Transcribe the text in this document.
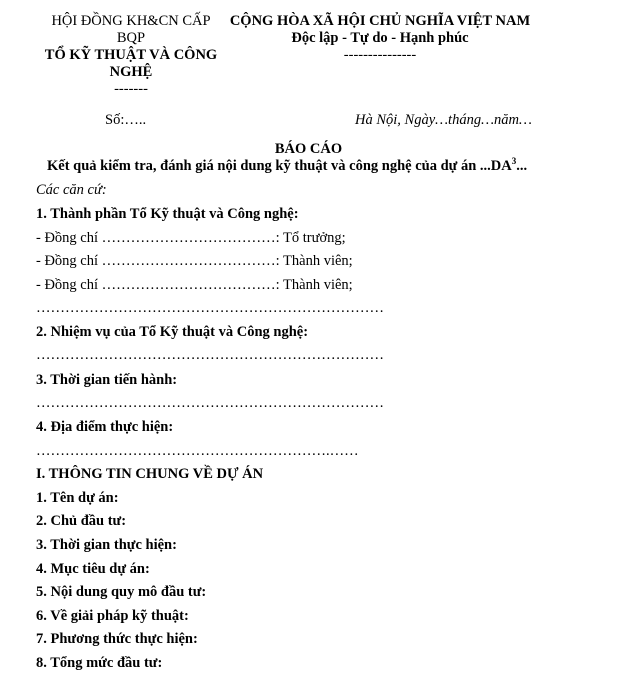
HỘI ĐỒNG KH&CN CẤP
BQP
TỔ KỸ THUẬT VÀ CÔNG
NGHỆ
-------
CỘNG HÒA XÃ HỘI CHỦ NGHĨA VIỆT NAM
Độc lập - Tự do - Hạnh phúc
---------------
Số:…..	Hà Nội, Ngày…tháng…năm…
BÁO CÁO
Kết quả kiểm tra, đánh giá nội dung kỹ thuật và công nghệ của dự án $...DA^3$...
Các căn cứ:
1. Thành phần Tổ Kỹ thuật và Công nghệ:
- Đồng chí ………………………………: Tổ trưởng;
- Đồng chí ………………………………: Thành viên;
- Đồng chí ………………………………: Thành viên;
………………………………………………………………
2. Nhiệm vụ của Tổ Kỹ thuật và Công nghệ:
………………………………………………………………
3. Thời gian tiến hành:
………………………………………………………………
4. Địa điểm thực hiện:
…………………………………………………….……
I. THÔNG TIN CHUNG VỀ DỰ ÁN
1. Tên dự án:
2. Chủ đầu tư:
3. Thời gian thực hiện:
4. Mục tiêu dự án:
5. Nội dung quy mô đầu tư:
6. Về giải pháp kỹ thuật:
7. Phương thức thực hiện:
8. Tổng mức đầu tư:
